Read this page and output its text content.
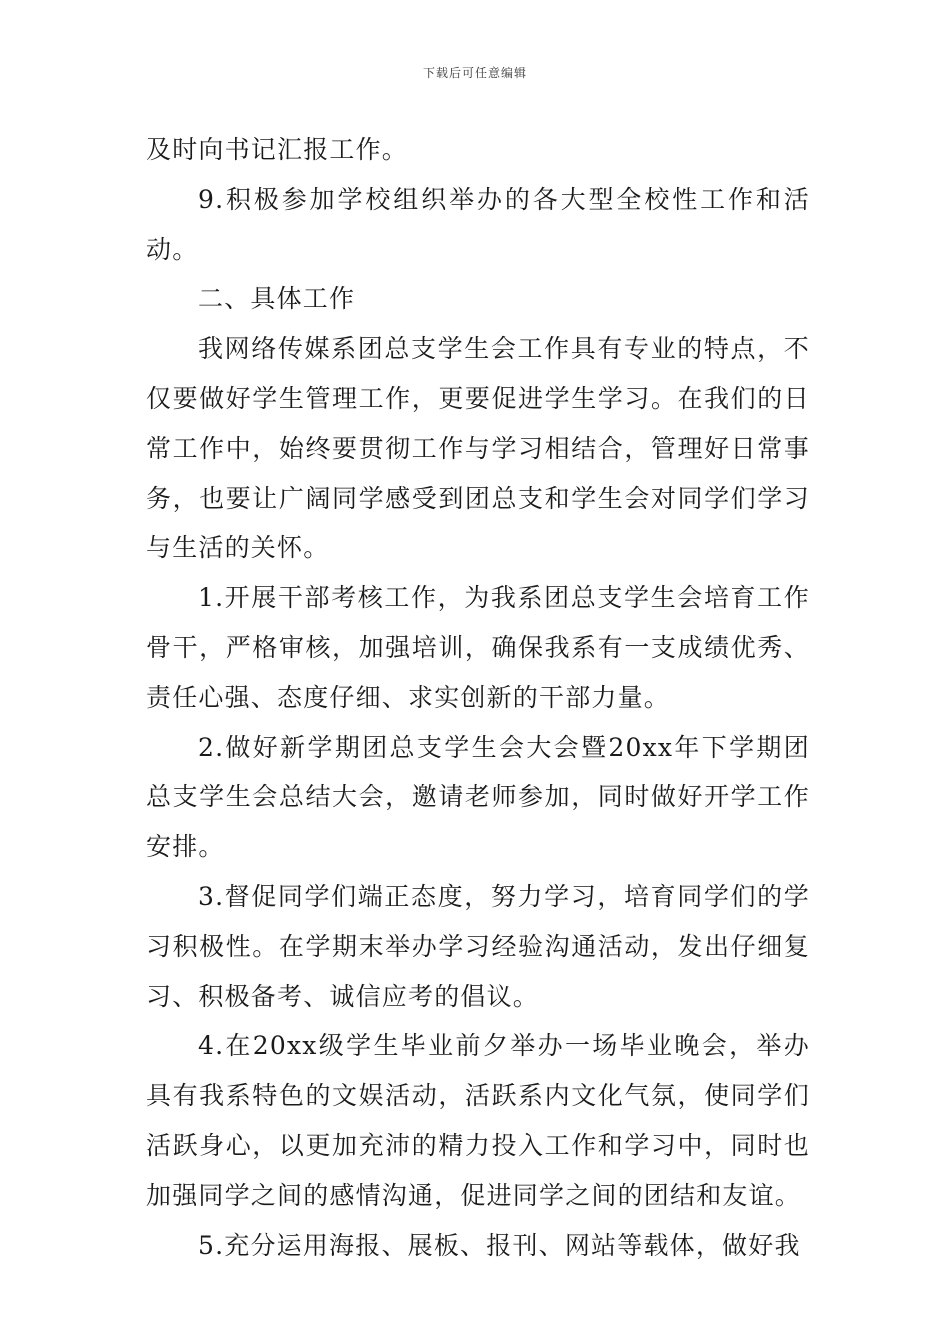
下载后可任意编辑

及时向书记汇报工作。

9.积极参加学校组织举办的各大型全校性工作和活动。

二、具体工作

我网络传媒系团总支学生会工作具有专业的特点，不仅要做好学生管理工作，更要促进学生学习。在我们的日常工作中，始终要贯彻工作与学习相结合，管理好日常事务，也要让广阔同学感受到团总支和学生会对同学们学习与生活的关怀。

1.开展干部考核工作，为我系团总支学生会培育工作骨干，严格审核，加强培训，确保我系有一支成绩优秀、责任心强、态度仔细、求实创新的干部力量。

2.做好新学期团总支学生会大会暨20xx年下学期团总支学生会总结大会，邀请老师参加，同时做好开学工作安排。

3.督促同学们端正态度，努力学习，培育同学们的学习积极性。在学期末举办学习经验沟通活动，发出仔细复习、积极备考、诚信应考的倡议。

4.在20xx级学生毕业前夕举办一场毕业晚会，举办具有我系特色的文娱活动，活跃系内文化气氛，使同学们活跃身心，以更加充沛的精力投入工作和学习中，同时也加强同学之间的感情沟通，促进同学之间的团结和友谊。

5.充分运用海报、展板、报刊、网站等载体，做好我
